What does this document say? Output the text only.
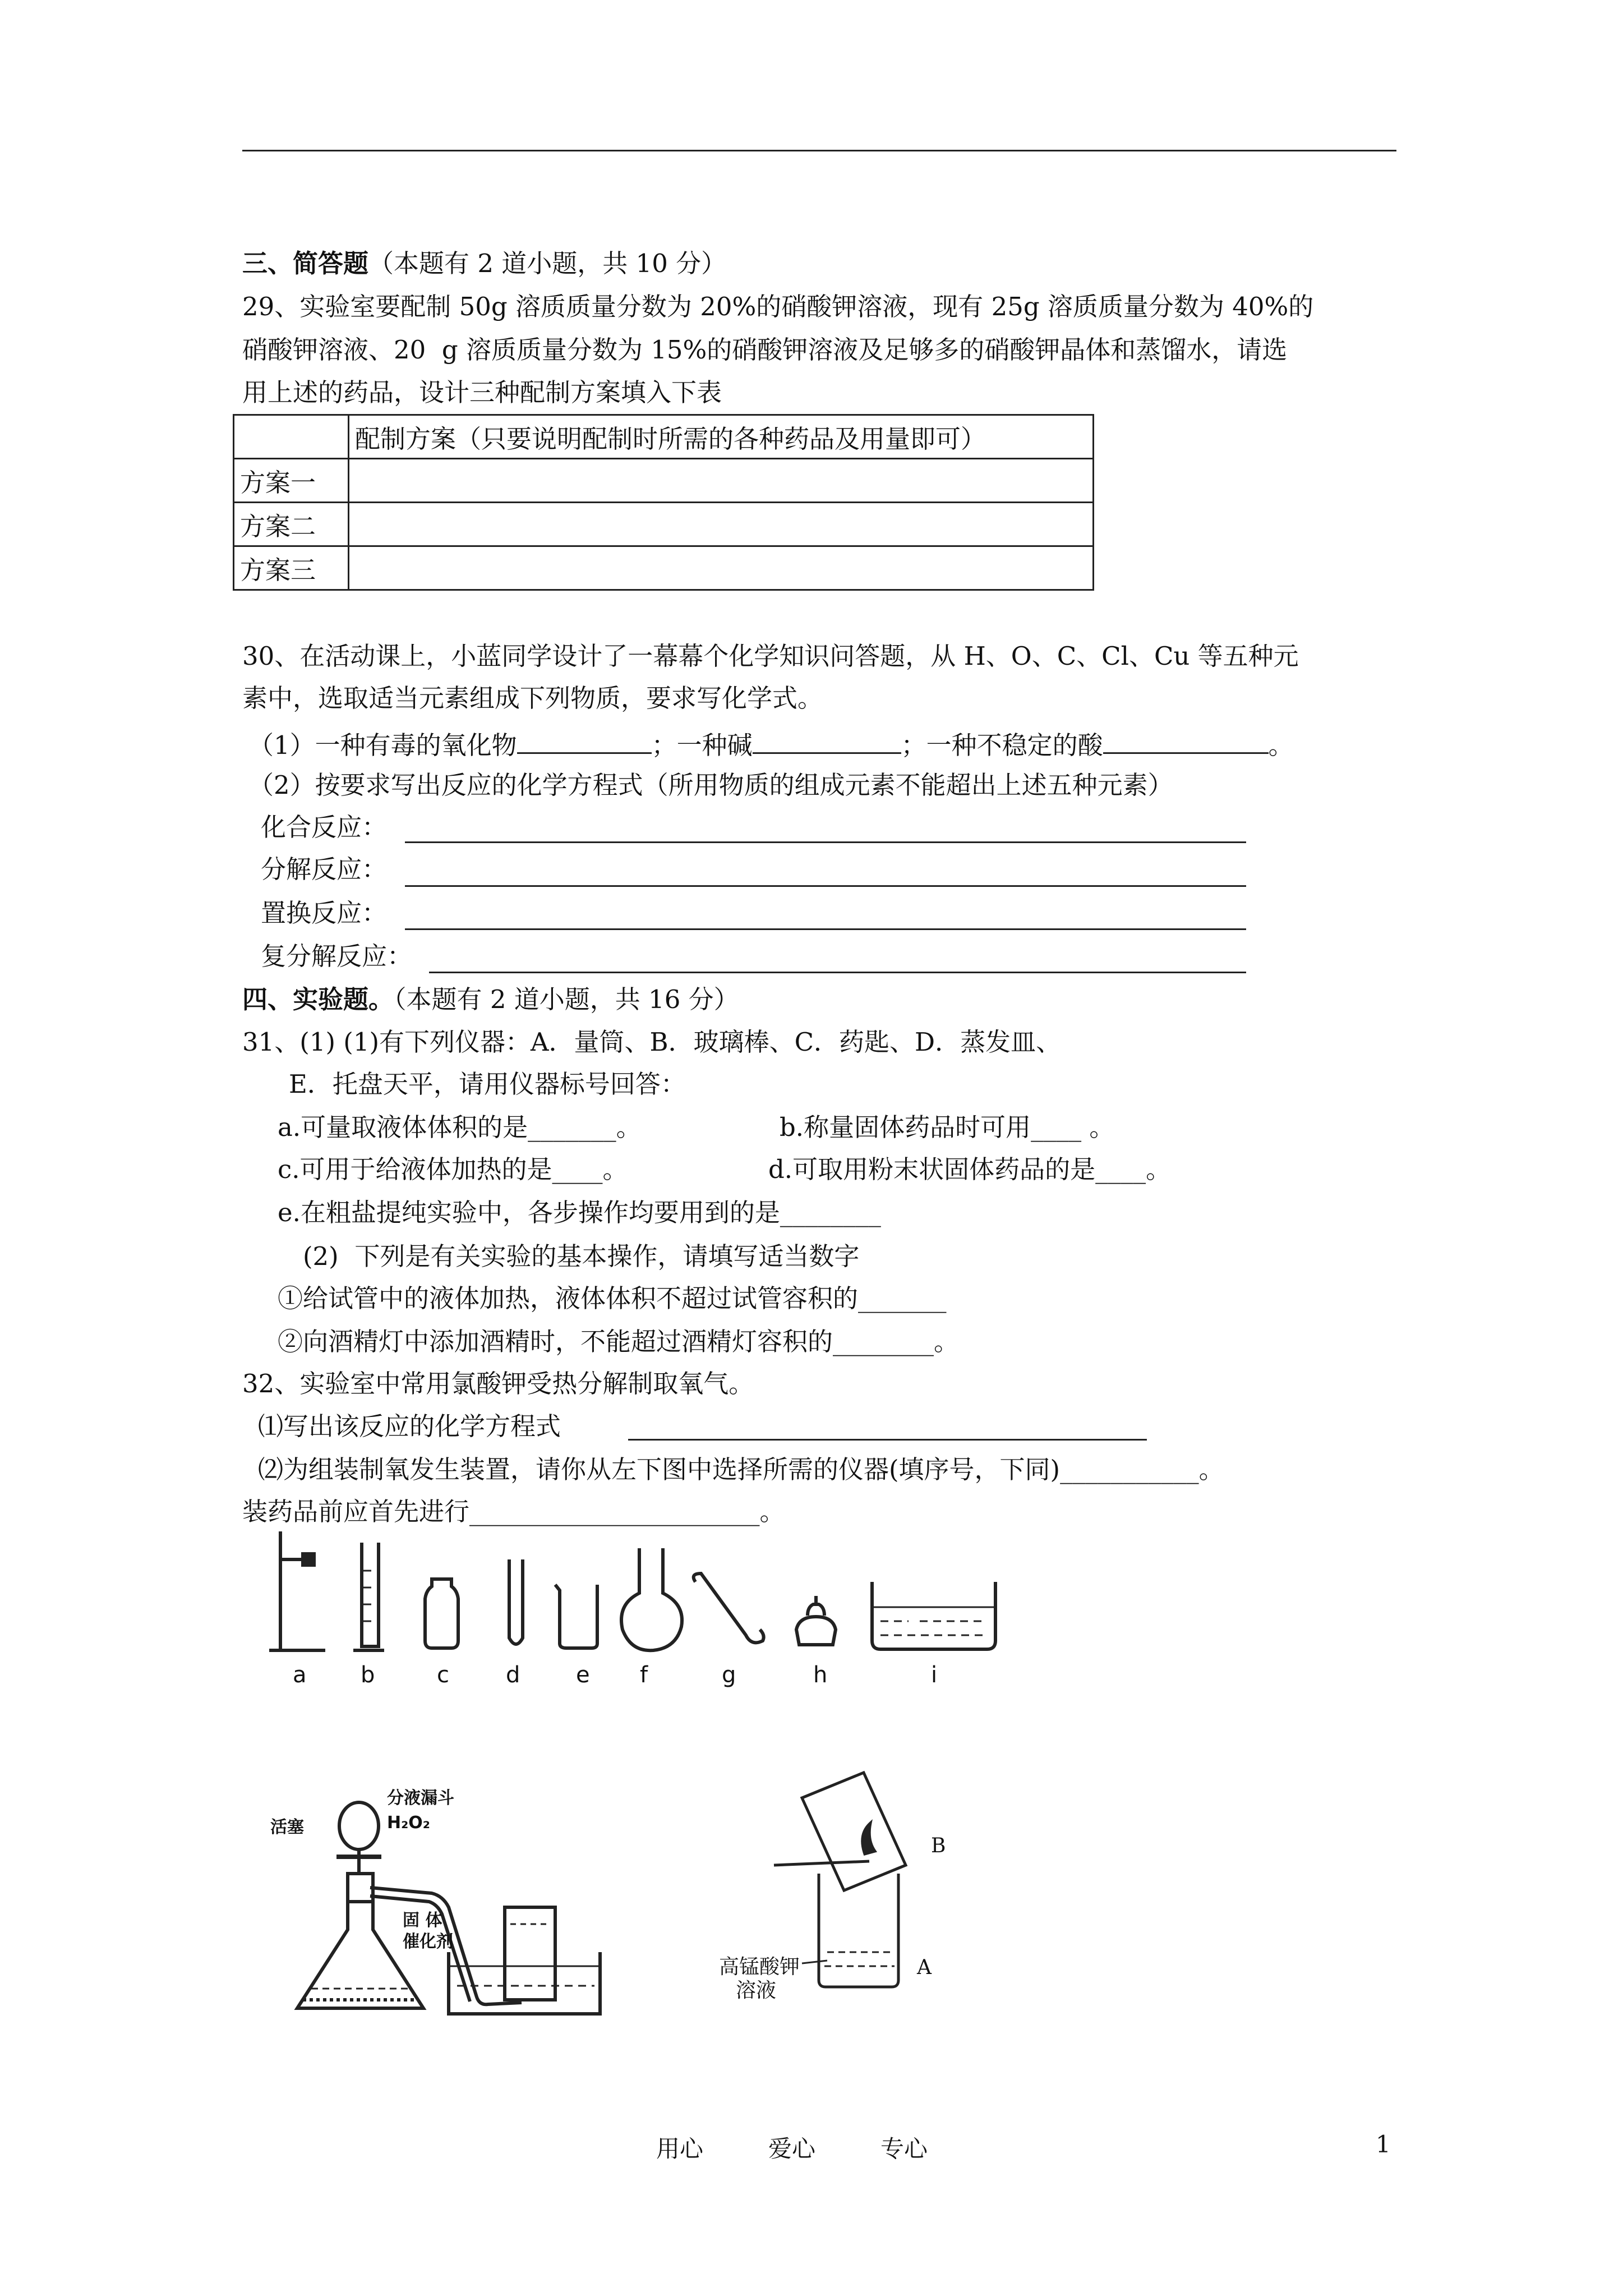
三、简答题（本题有 2 道小题，共 10 分）
29、实验室要配制 50g 溶质质量分数为 20%的硝酸钾溶液，现有 25g 溶质质量分数为 40%的
硝酸钾溶液、20  g 溶质质量分数为 15%的硝酸钾溶液及足够多的硝酸钾晶体和蒸馏水，请选
用上述的药品，设计三种配制方案填入下表
	配制方案（只要说明配制时所需的各种药品及用量即可）
方案一	
方案二	
方案三	
30、在活动课上，小蓝同学设计了一幕幕个化学知识问答题，从 H、O、C、Cl、Cu 等五种元
素中，选取适当元素组成下列物质，要求写化学式。
（1）一种有毒的氧化物	；一种碱	；一种不稳定的酸	。
（2）按要求写出反应的化学方程式（所用物质的组成元素不能超出上述五种元素）
化合反应：
分解反应：
置换反应：
复分解反应：
四、实验题。（本题有 2 道小题，共 16 分）
31、(1) (1)有下列仪器：A．量筒、B．玻璃棒、C．药匙、D．蒸发皿、
E．托盘天平，请用仪器标号回答：
a.可量取液体体积的是_______。	b.称量固体药品时可用____ 。
c.可用于给液体加热的是____。	d.可取用粉末状固体药品的是____。
e.在粗盐提纯实验中，各步操作均要用到的是________
(2)  下列是有关实验的基本操作，请填写适当数字
①给试管中的液体加热，液体体积不超过试管容积的_______
②向酒精灯中添加酒精时，不能超过酒精灯容积的________。
32、实验室中常用氯酸钾受热分解制取氧气。
⑴写出该反应的化学方程式
⑵为组装制氧发生装置，请你从左下图中选择所需的仪器(填序号，下同)___________。
装药品前应首先进行_______________________。
a b	c	d e f	g	h	i
分液漏斗
活塞	H₂O₂
固 体
催化剂
B
A
高锰酸钾
溶液
用心	爱心	专心	1
